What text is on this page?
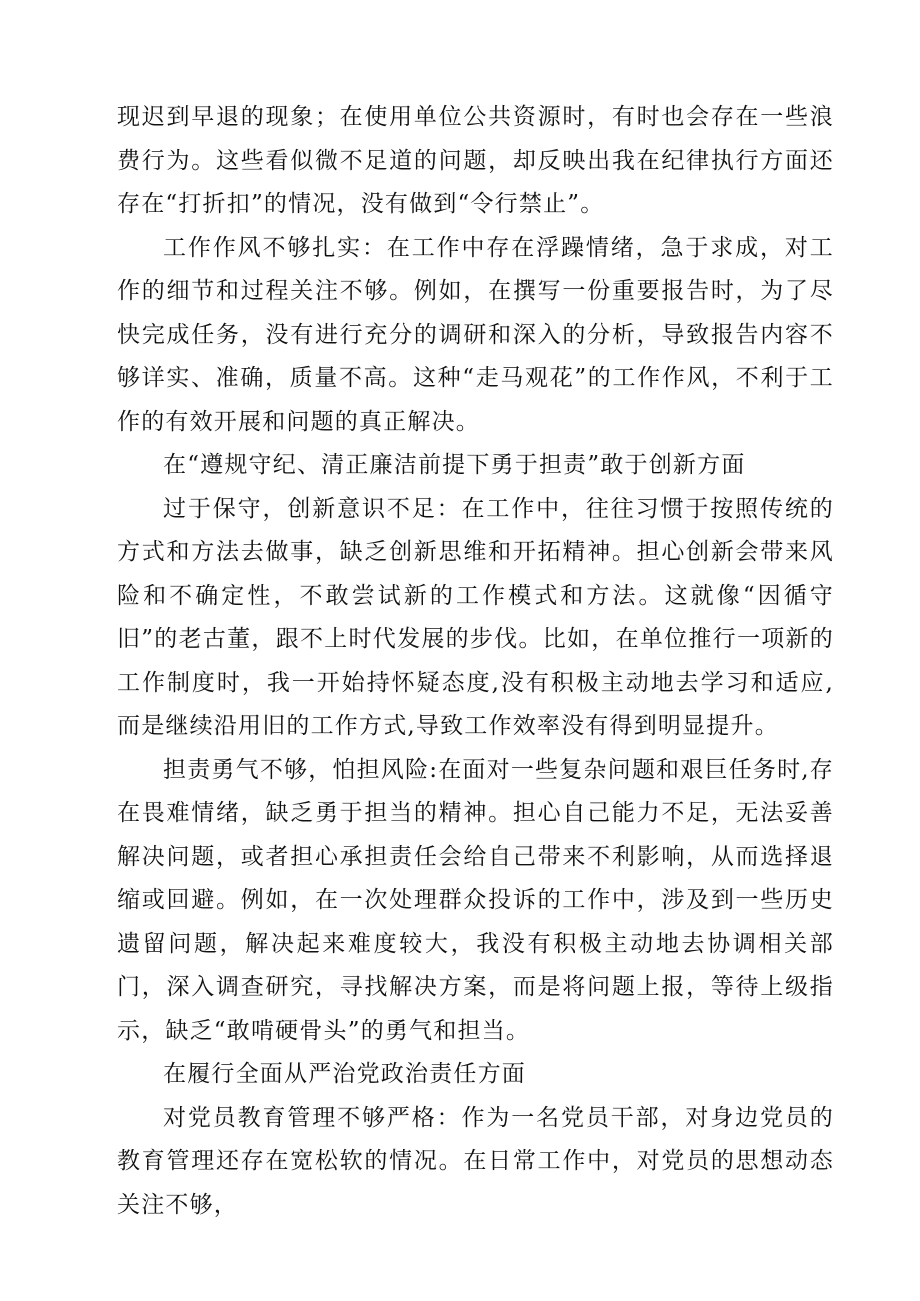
现迟到早退的现象；在使用单位公共资源时，有时也会存在一些浪费行为。这些看似微不足道的问题，却反映出我在纪律执行方面还存在“打折扣”的情况，没有做到“令行禁止”。

工作作风不够扎实：在工作中存在浮躁情绪，急于求成，对工作的细节和过程关注不够。例如，在撰写一份重要报告时，为了尽快完成任务，没有进行充分的调研和深入的分析，导致报告内容不够详实、准确，质量不高。这种“走马观花”的工作作风，不利于工作的有效开展和问题的真正解决。

在“遵规守纪、清正廉洁前提下勇于担责”敢于创新方面

过于保守，创新意识不足：在工作中，往往习惯于按照传统的方式和方法去做事，缺乏创新思维和开拓精神。担心创新会带来风险和不确定性，不敢尝试新的工作模式和方法。这就像“因循守旧”的老古董，跟不上时代发展的步伐。比如，在单位推行一项新的工作制度时，我一开始持怀疑态度,没有积极主动地去学习和适应,而是继续沿用旧的工作方式,导致工作效率没有得到明显提升。

担责勇气不够，怕担风险:在面对一些复杂问题和艰巨任务时,存在畏难情绪，缺乏勇于担当的精神。担心自己能力不足，无法妥善解决问题，或者担心承担责任会给自己带来不利影响，从而选择退缩或回避。例如，在一次处理群众投诉的工作中，涉及到一些历史遗留问题，解决起来难度较大，我没有积极主动地去协调相关部门，深入调查研究，寻找解决方案，而是将问题上报，等待上级指示，缺乏“敢啃硬骨头”的勇气和担当。

在履行全面从严治党政治责任方面

对党员教育管理不够严格：作为一名党员干部，对身边党员的教育管理还存在宽松软的情况。在日常工作中，对党员的思想动态关注不够，
